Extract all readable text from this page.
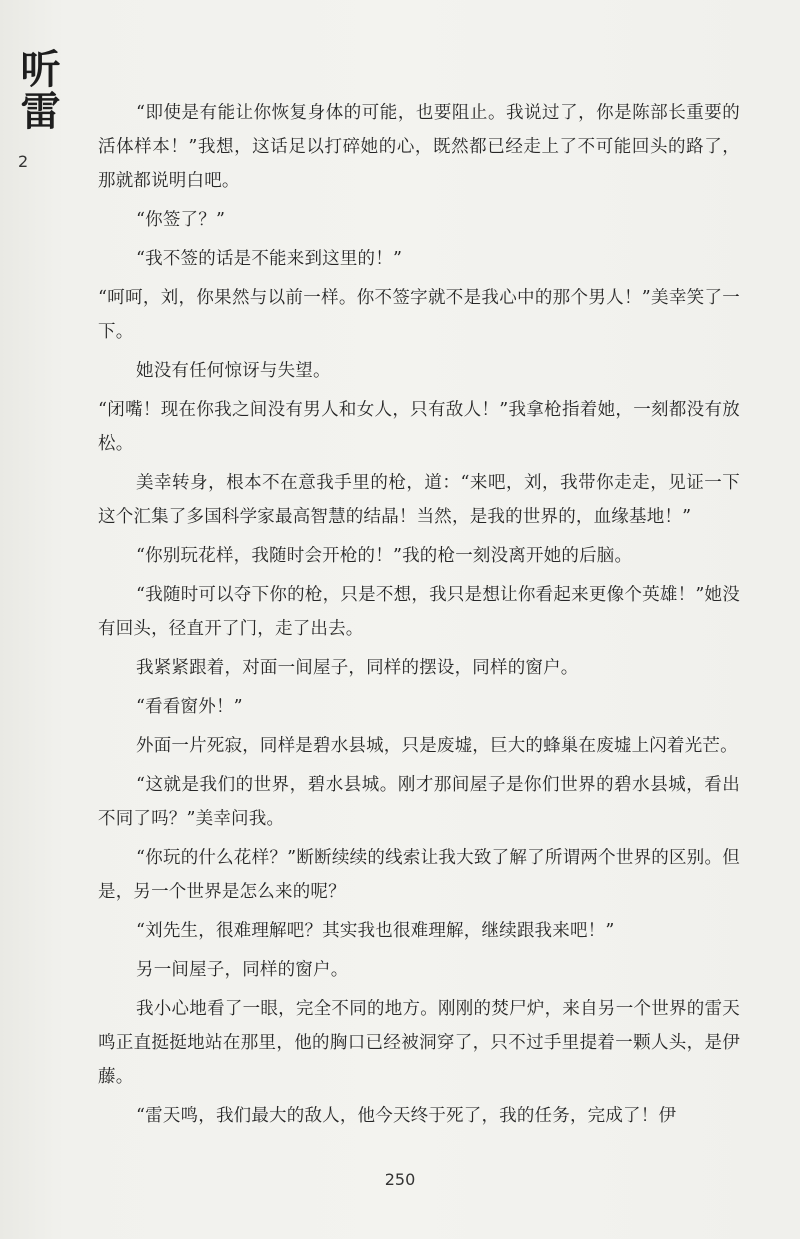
听雷
2

“即使是有能让你恢复身体的可能，也要阻止。我说过了，你是陈部长重要的活体样本！”我想，这话足以打碎她的心，既然都已经走上了不可能回头的路了，那就都说明白吧。

“你签了？”

“我不签的话是不能来到这里的！”

“呵呵，刘，你果然与以前一样。你不签字就不是我心中的那个男人！”美幸笑了一下。

她没有任何惊讶与失望。

“闭嘴！现在你我之间没有男人和女人，只有敌人！”我拿枪指着她，一刻都没有放松。

美幸转身，根本不在意我手里的枪，道：“来吧，刘，我带你走走，见证一下这个汇集了多国科学家最高智慧的结晶！当然，是我的世界的，血缘基地！”

“你别玩花样，我随时会开枪的！”我的枪一刻没离开她的后脑。

“我随时可以夺下你的枪，只是不想，我只是想让你看起来更像个英雄！”她没有回头，径直开了门，走了出去。

我紧紧跟着，对面一间屋子，同样的摆设，同样的窗户。

“看看窗外！”

外面一片死寂，同样是碧水县城，只是废墟，巨大的蜂巢在废墟上闪着光芒。

“这就是我们的世界，碧水县城。刚才那间屋子是你们世界的碧水县城，看出不同了吗？”美幸问我。

“你玩的什么花样？”断断续续的线索让我大致了解了所谓两个世界的区别。但是，另一个世界是怎么来的呢？

“刘先生，很难理解吧？其实我也很难理解，继续跟我来吧！”

另一间屋子，同样的窗户。

我小心地看了一眼，完全不同的地方。刚刚的焚尸炉，来自另一个世界的雷天鸣正直挺挺地站在那里，他的胸口已经被洞穿了，只不过手里提着一颗人头，是伊藤。

“雷天鸣，我们最大的敌人，他今天终于死了，我的任务，完成了！伊

250
